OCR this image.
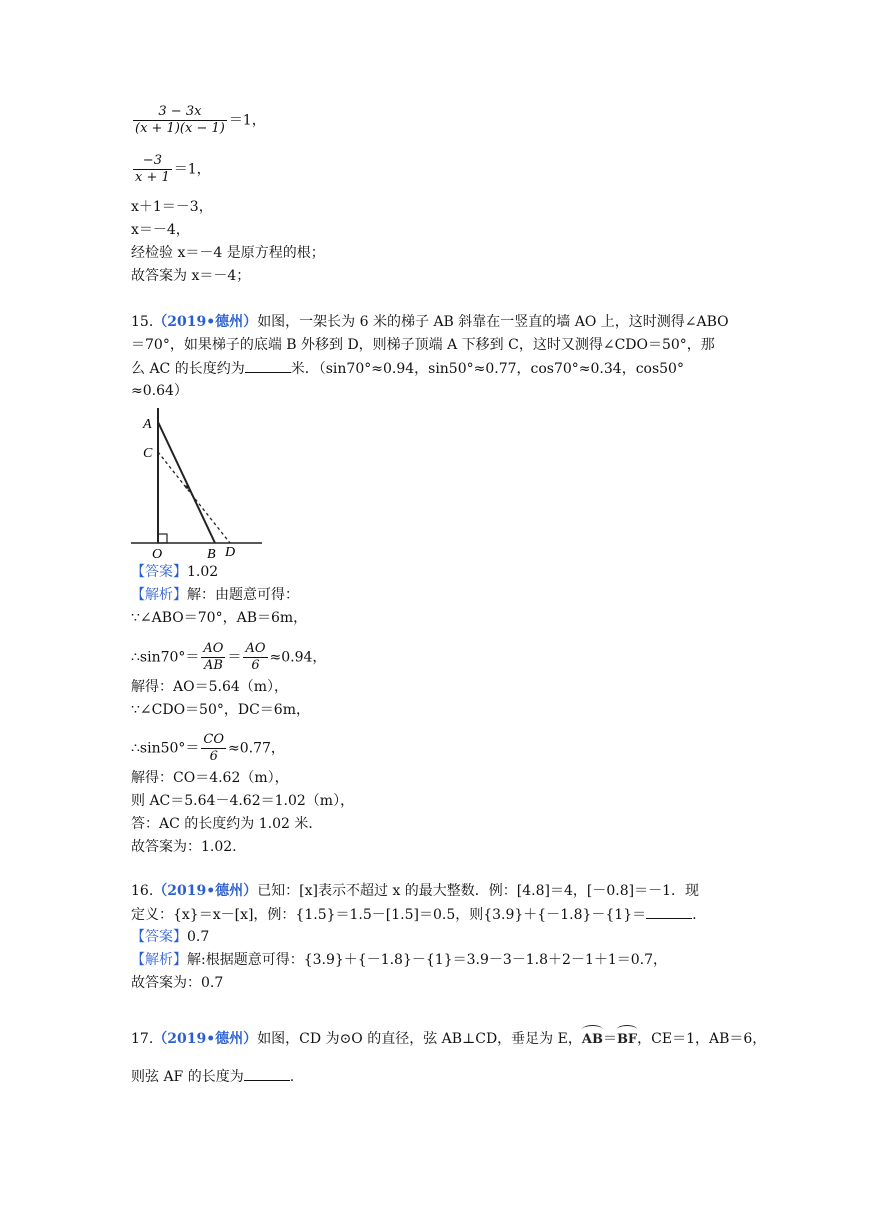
$\frac{3 - 3x}{(x + 1)(x - 1)} =1$，
$\frac{-3}{x + 1} =1$，
x＋1＝－3，
x＝－4，
经检验 x＝－4 是原方程的根；
故答案为 x＝－4；
15.（2019•德州）如图，一架长为 6 米的梯子 AB 斜靠在一竖直的墙 AO 上，这时测得∠ABO
＝70°，如果梯子的底端 B 外移到 D，则梯子顶端 A 下移到 C，这时又测得∠CDO＝50°，那
么 AC 的长度约为	米．（sin70°≈0.94，sin50°≈0.77，cos70°≈0.34，cos50°
≈0.64）
A
C
O	B D
【答案】1.02
【解析】解：由题意可得：
∵∠ABO＝70°，AB＝6m，
∴sin70°＝ $\frac{AO}{AB} = \frac{AO}{6} \approx 0.94$，
解得：AO＝5.64（m），
∵∠CDO＝50°，DC＝6m，
∴sin50°＝ $\frac{CO}{6} \approx 0.77$，
解得：CO＝4.62（m），
则 AC＝5.64－4.62＝1.02（m），
答：AC 的长度约为 1.02 米．
故答案为：1.02.
16.（2019•德州）已知：[x]表示不超过 x 的最大整数．例：[4.8]＝4，[－0.8]＝－1．现
定义：{x}＝x－[x]，例：{1.5}＝1.5－[1.5]＝0.5，则{3.9}＋{－1.8}－{1}＝	.
【答案】0.7
【解析】解:根据题意可得：{3.9}＋{－1.8}－{1}＝3.9－3－1.8＋2－1＋1＝0.7，
故答案为：0.7
17.（2019•德州）如图，CD 为⊙O 的直径，弦 AB⊥CD，垂足为 E，AB＝BF，CE＝1，AB＝6，
则弦 AF 的长度为	.
